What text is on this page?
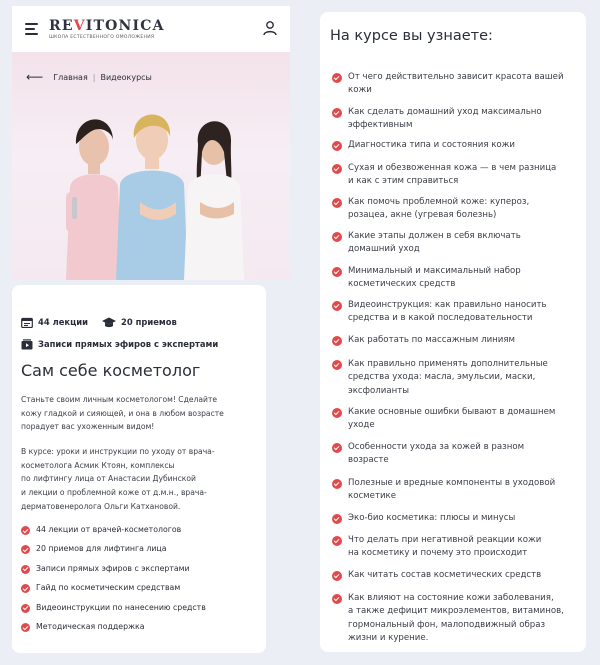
REVITONICA
ШКОЛА ЕСТЕСТВЕННОГО ОМОЛОЖЕНИЯ
⟵ Главная | Видеокурсы
44 лекции	20 приемов
Записи прямых эфиров с экспертами
Сам себе косметолог
Станьте своим личным косметологом! Сделайте
кожу гладкой и сияющей, и она в любом возрасте
порадует вас ухоженным видом!
В курсе: уроки и инструкции по уходу от врача-
косметолога Асмик Ктоян, комплексы
по лифтингу лица от Анастасии Дубинской
и лекции о проблемной коже от д.м.н., врача-
дерматовенеролога Ольги Катхановой.
44 лекции от врачей-косметологов
20 приемов для лифтинга лица
Записи прямых эфиров с экспертами
Гайд по косметическим средствам
Видеоинструкции по нанесению средств
Методическая поддержка
На курсе вы узнаете:
От чего действительно зависит красота вашей
кожи
Как сделать домашний уход максимально
эффективным
Диагностика типа и состояния кожи
Сухая и обезвоженная кожа — в чем разница
и как с этим справиться
Как помочь проблемной коже: купероз,
розацеа, акне (угревая болезнь)
Какие этапы должен в себя включать
домашний уход
Минимальный и максимальный набор
косметических средств
Видеоинструкция: как правильно наносить
средства и в какой последовательности
Как работать по массажным линиям
Как правильно применять дополнительные
средства ухода: масла, эмульсии, маски,
эксфолианты
Какие основные ошибки бывают в домашнем
уходе
Особенности ухода за кожей в разном
возрасте
Полезные и вредные компоненты в уходовой
косметике
Эко-био косметика: плюсы и минусы
Что делать при негативной реакции кожи
на косметику и почему это происходит
Как читать состав косметических средств
Как влияют на состояние кожи заболевания,
а также дефицит микроэлементов, витаминов,
гормональный фон, малоподвижный образ
жизни и курение.
